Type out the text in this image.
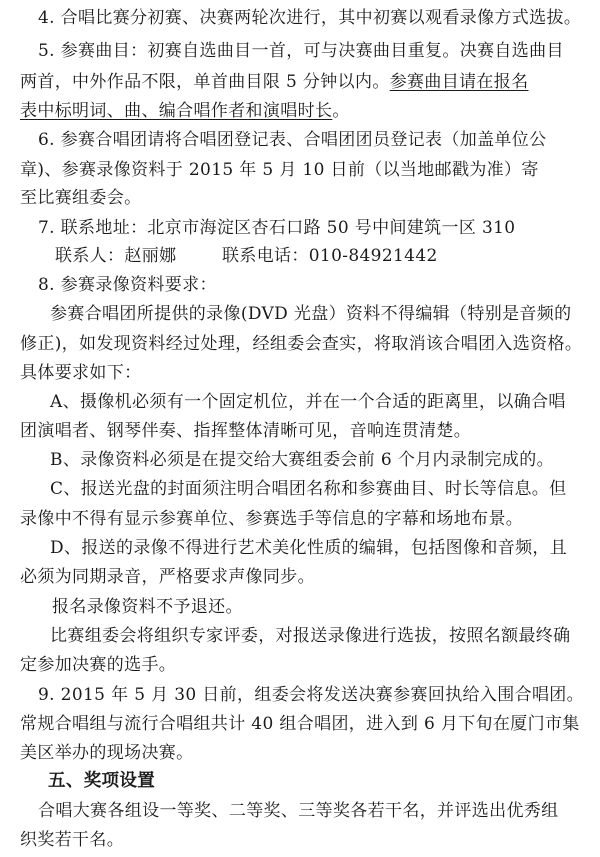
4. 合唱比赛分初赛、决赛两轮次进行，其中初赛以观看录像方式选拔。
5. 参赛曲目：初赛自选曲目一首，可与决赛曲目重复。决赛自选曲目
两首，中外作品不限，单首曲目限 5 分钟以内。参赛曲目请在报名
表中标明词、曲、编合唱作者和演唱时长。
6. 参赛合唱团请将合唱团登记表、合唱团团员登记表（加盖单位公
章)、参赛录像资料于 2015 年 5 月 10 日前（以当地邮戳为准）寄
至比赛组委会。
7. 联系地址：北京市海淀区杏石口路 50 号中间建筑一区 310
联系人：赵丽娜	联系电话：010-84921442
8. 参赛录像资料要求：
参赛合唱团所提供的录像(DVD 光盘）资料不得编辑（特别是音频的
修正)，如发现资料经过处理，经组委会查实，将取消该合唱团入选资格。
具体要求如下：
A、摄像机必须有一个固定机位，并在一个合适的距离里，以确合唱
团演唱者、钢琴伴奏、指挥整体清晰可见，音响连贯清楚。
B、录像资料必须是在提交给大赛组委会前 6 个月内录制完成的。
C、报送光盘的封面须注明合唱团名称和参赛曲目、时长等信息。但
录像中不得有显示参赛单位、参赛选手等信息的字幕和场地布景。
D、报送的录像不得进行艺术美化性质的编辑，包括图像和音频，且
必须为同期录音，严格要求声像同步。
报名录像资料不予退还。
比赛组委会将组织专家评委，对报送录像进行选拔，按照名额最终确
定参加决赛的选手。
9. 2015 年 5 月 30 日前，组委会将发送决赛参赛回执给入围合唱团。
常规合唱组与流行合唱组共计 40 组合唱团，进入到 6 月下旬在厦门市集
美区举办的现场决赛。
五、奖项设置
合唱大赛各组设一等奖、二等奖、三等奖各若干名，并评选出优秀组
织奖若干名。
